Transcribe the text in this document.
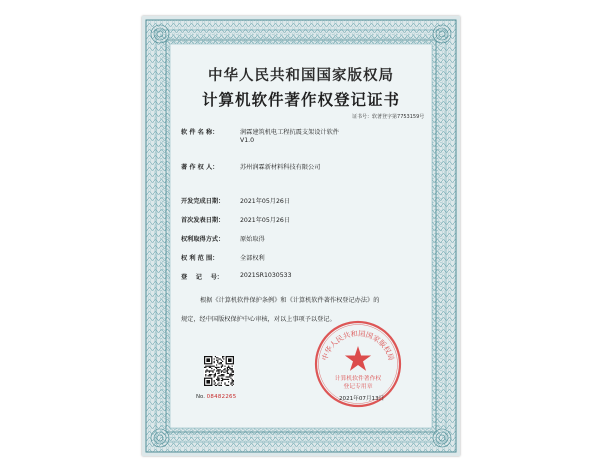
中华人民共和国国家版权局
计算机软件著作权登记证书
证书号：软著登字第7753159号
软 件 名 称：	润霖建筑机电工程抗震支架设计软件
V1.0
著 作 权 人：	苏州润霖新材料科技有限公司
开发完成日期：	2021年05月26日
首次发表日期：	2021年05月26日
权利取得方式：	原始取得
权 利 范 围：	全部权利
登    记    号：	2021SR1030533
根据《计算机软件保护条例》和《计算机软件著作权登记办法》的
规定，经中国版权保护中心审核，对以上事项予以登记。
No. 08482265
中华人民共和国国家版权局
计算机软件著作权
登记专用章
2021年07月13日
